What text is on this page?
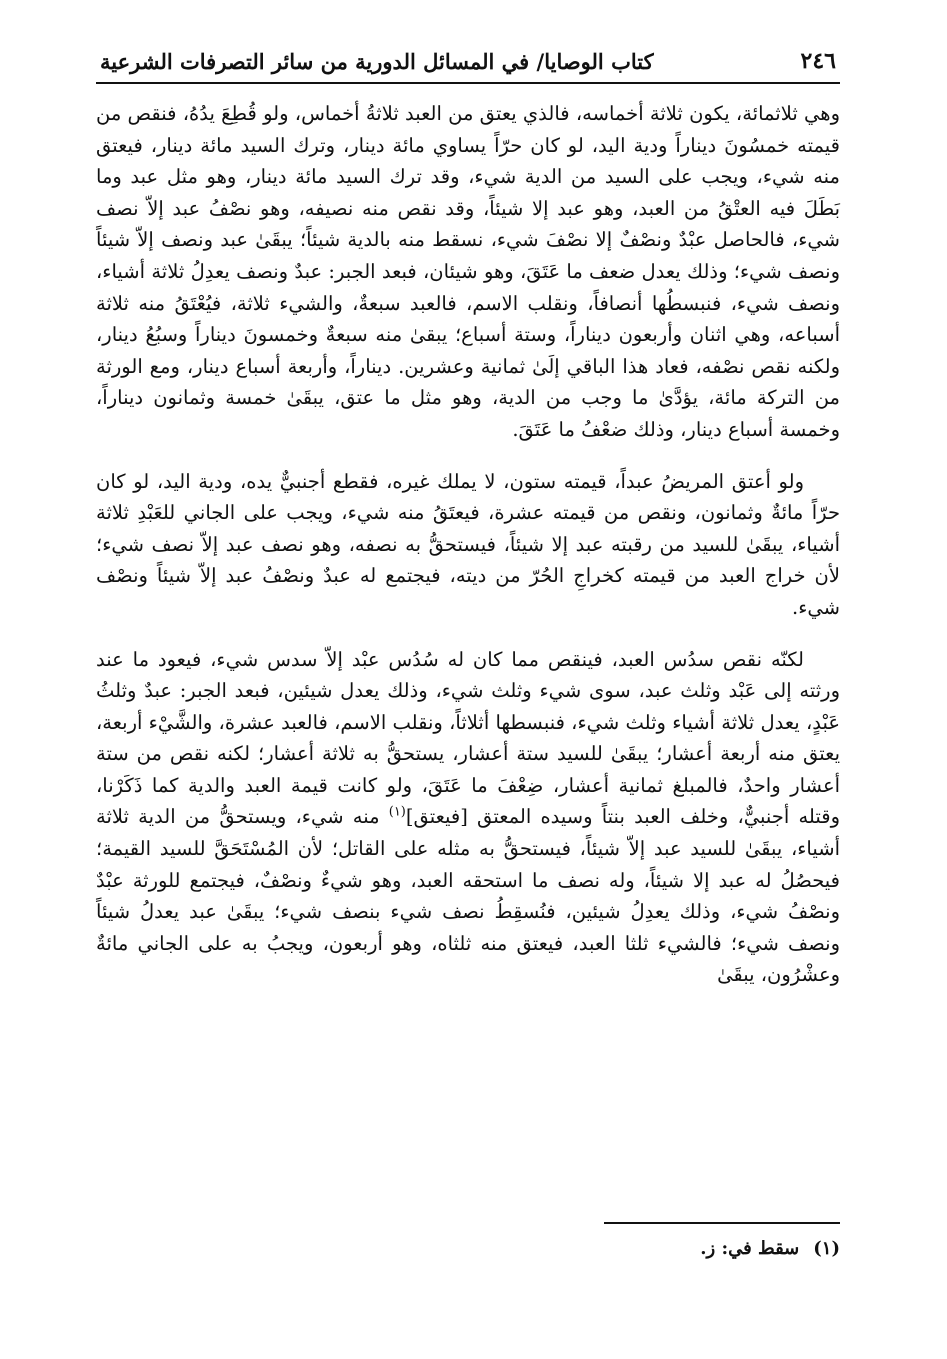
٢٤٦
كتاب الوصايا/ في المسائل الدورية من سائر التصرفات الشرعية

وهي ثلاثمائة، يكون ثلاثة أخماسه، فالذي يعتق من العبد ثلاثةُ أخماس، ولو قُطِعَ يدُهُ، فنقص من قيمته خمسُونَ ديناراً ودية اليد، لو كان حرّاً يساوي مائة دينار، وترك السيد مائة دينار، فيعتق منه شيء، ويجب على السيد من الدية شيء، وقد ترك السيد مائة دينار، وهو مثل عبد وما بَطَلَ فيه العتْقُ من العبد، وهو عبد إلا شيئاً، وقد نقص منه نصيفه، وهو نصْفُ عبد إلاّ نصف شيء، فالحاصل عبْدٌ ونصْفٌ إلا نصْفَ شيء، نسقط منه بالدية شيئاً؛ يبقَىٰ عبد ونصف إلاّ شيئاً ونصف شيء؛ وذلك يعدل ضعف ما عَتَقَ، وهو شيئان، فبعد الجبر: عبدٌ ونصف يعدِلُ ثلاثة أشياء، ونصف شيء، فنبسطُها أنصافاً، ونقلب الاسم، فالعبد سبعةٌ، والشيء ثلاثة، فيُعْتَقُ منه ثلاثة أسباعه، وهي اثنان وأربعون ديناراً، وستة أسباع؛ يبقىٰ منه سبعةٌ وخمسونَ ديناراً وسبُعُ دينار، ولكنه نقص نصْفه، فعاد هذا الباقي إلَىٰ ثمانية وعشرين. ديناراً، وأربعة أسباع دينار، ومع الورثة من التركة مائة، يؤدَّىٰ ما وجب من الدية، وهو مثل ما عتق، يبقَىٰ خمسة وثمانون ديناراً، وخمسة أسباع دينار، وذلك ضعْفُ ما عَتَقَ.

ولو أعتق المريضُ عبداً، قيمته ستون، لا يملك غيره، فقطع أجنبيٌّ يده، ودية اليد، لو كان حرّاً مائةٌ وثمانون، ونقص من قيمته عشرة، فيعتَقُ منه شيء، ويجب على الجاني للعَبْدِ ثلاثة أشياء، يبقَىٰ للسيد من رقبته عبد إلا شيئاً، فيستحقُّ به نصفه، وهو نصف عبد إلاّ نصف شيء؛ لأن خراج العبد من قيمته كخراجِ الحُرّ من ديته، فيجتمع له عبدٌ ونصْفُ عبد إلاّ شيئاً ونصْف شيء.

لكنّه نقص سدُس العبد، فينقص مما كان له سُدُس عبْد إلاّ سدس شيء، فيعود ما عند ورثته إلى عَبْد وثلث عبد، سوى شيء وثلث شيء، وذلك يعدل شيئين، فبعد الجبر: عبدٌ وثلثُ عَبْدٍ، يعدل ثلاثة أشياء وثلث شيء، فنبسطها أثلاثاً، ونقلب الاسم، فالعبد عشرة، والشَّيْء أربعة، يعتق منه أربعة أعشار؛ يبقَىٰ للسيد ستة أعشار، يستحقُّ به ثلاثة أعشار؛ لكنه نقص من ستة أعشار واحدٌ، فالمبلغ ثمانية أعشار، ضِعْفَ ما عَتَقَ، ولو كانت قيمة العبد والدية كما ذَكَرْنا، وقتله أجنبيٌّ، وخلف العبد بنتاً وسيده المعتق [فيعتق]$^{(١)}$ منه شيء، ويستحقُّ من الدية ثلاثة أشياء، يبقَىٰ للسيد عبد إلاّ شيئاً، فيستحقُّ به مثله على القاتل؛ لأن المُسْتَحَقَّ للسيد القيمة؛ فيحصُلُ له عبد إلا شيئاً، وله نصف ما استحقه العبد، وهو شيءٌ ونصْفٌ، فيجتمع للورثة عبْدٌ ونصْفُ شيء، وذلك يعدِلُ شيئين، فنُسقِطُ نصف شيء بنصف شيء؛ يبقَىٰ عبد يعدلُ شيئاً ونصف شيء؛ فالشيء ثلثا العبد، فيعتق منه ثلثاه، وهو أربعون، ويجبُ به على الجاني مائةٌ وعشْرُون، يبقَىٰ

(١)
سقط في: ز.
